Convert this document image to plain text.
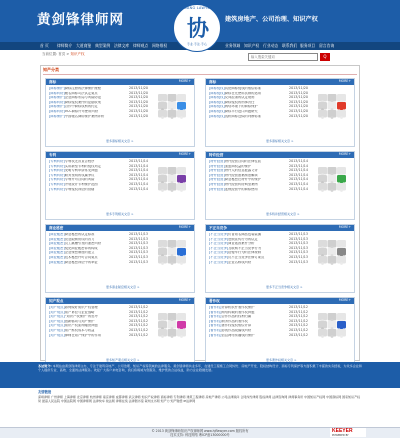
黄剑锋律师网	建筑房地产、公司治理、知识产权
HUANG LAWYER
协
专业·专注·专心
首 页 律师简介 大道商鉴 典型案例 法律文库 律师观点 网络维权	业务领域 知识产权 行业动态 联系我们 服务项目 留言咨询
当前位置: 首页 > 知识产权
输入搜索关键词	Q
知产分类
商标	MORE+
[商标保护]商标注册的法律保护流程	2013/11/20
[商标纠纷]驰名商标司法认定要点	2013/11/20
[商标保护]企业商标布局与风险防范	2013/11/20
[商标纠纷]商标侵权案件的证据收集	2013/11/20
[商标保护]合作中商标权利的约定	2013/11/20
[商标纠纷]VCC商标许可使用纠纷	2013/11/20
[商标保护]中国驰名商标保护案例评析	2013/11/20
更多商标相关文章 >
商标	MORE+
[商标侵权]试论商标侵权的赔偿标准	2013/11/20
[商标侵权]商标在先使用抗辩的适用	2013/11/20
[商标侵权]反向混淆的认定规则	2013/11/20
[商标侵权]商标侵权的刑事责任	2013/11/20
[商标侵权]网络环境下的商标保护	2013/11/20
[商标侵权]商标平行进口问题研究	2013/11/20
[商标侵权]浅析商标近似的判断标准	2013/11/20
更多商标相关文章 >
专利	MORE+
[专利纠纷]专利权无效宣告程序	2013/11/14
[专利纠纷]实用新型专利的侵权判定	2013/11/14
[专利纠纷]发明专利申请常见问题	2013/11/14
[专利纠纷]职务发明的权属争议	2013/11/14
[专利纠纷]专利许可合同的风险	2013/11/14
[专利纠纷]外观设计专利保护范围	2013/11/14
[专利纠纷]专利侵权诉讼的管辖	2013/11/14
更多专利相关文章 >
特许经营	MORE+
[特许经营]特许经营合同的法律性质	2013/11/14
[特许经营]加盟商权益的保护	2013/11/14
[特许经营]特许人的信息披露义务	2013/11/14
[特许经营]特许经营备案制度解读	2013/11/14
[特许经营]商业秘密在特许中的保护	2013/11/14
[特许经营]特许经营纠纷典型案例	2013/11/14
[特许经营]连锁经营中的商标使用	2013/11/14
更多特许经营相关文章 >
商业秘密	MORE+
[商业秘密]商业秘密的认定标准	2013/11/13
[商业秘密]竞业限制协议的效力	2013/11/13
[商业秘密]员工跳槽引发的泄密纠纷	2013/11/13
[商业秘密]侵犯商业秘密罪的构成	2013/11/13
[商业秘密]企业保密制度的建立	2013/11/13
[商业秘密]技术秘密许可合同要点	2013/11/13
[商业秘密]商业秘密诉讼中的举证	2013/11/13
更多商业秘密相关文章 >
不正当竞争	MORE+
[不正当竞争]仿冒知名商品包装装潢	2013/11/13
[不正当竞争]虚假宣传行为的认定	2013/11/13
[不正当竞争]商业诋毁案件分析	2013/11/13
[不正当竞争]互联网不正当竞争行为	2013/11/13
[不正当竞争]搭便车行为的法律规制	2013/11/13
[不正当竞争]反不正当竞争法修订要点	2013/11/13
[不正当竞争]企业名称权纠纷	2013/11/13
更多不正当竞争相关文章 >
知产观点	MORE+
[知产观点]如何做好知识产权管理	2013/11/12
[知产观点]知产诉讼与企业战略	2013/11/12
[知产观点]“知识产权保护”的思考	2013/11/12
[知产观点]创新驱动与知产保护	2013/11/12
[知产观点]知识产权质押融资问题	2013/11/12
[知产观点]知产维权成本与收益	2013/11/12
[知产观点]律师在知产保护中的作用	2013/11/12
更多知产观点相关文章 >
著作权	MORE+
[著作权]计算机软件著作权保护	2013/11/12
[著作权]网络转载的著作权问题	2013/11/12
[著作权]合作作品的权利归属	2013/11/12
[著作权]职务作品的著作权	2013/11/12
[著作权]著作权侵权赔偿计算	2013/11/12
[著作权]影视作品改编权纠纷	2013/11/12
[著作权]信息网络传播权的保护	2013/11/12
更多著作权相关文章 >
本站简介: 本网站由黄剑锋律师主办，专注于建筑房地产、公司治理、知识产权等领域的法律服务。黄剑锋律师执业多年，在建设工程施工合同纠纷、房地产开发、股权结构设计、商标专利保护等方面积累了丰富的实务经验，为众多企业和个人提供专业、高效、全面的法律服务。欢迎广大客户来电咨询，我们将竭诚为您服务，维护您的合法权益，助力企业稳健发展。
友情链接
深圳律师 广州律师 上海律师 北京律师 杭州律师 南京律师 成都律师 武汉律师 知识产权律师 商标律师 专利律师 建筑工程律师 房地产律师 公司法律顾问 合同纠纷律师 股权律师 法律咨询网 律师事务所 中国知识产权网 中国商标网 国家知识产权局 最高人民法院 中国法院网 中国律师网 法律快车 找法网 律师在线 法律图书馆 裁判文书网 知产力 知产财经 IP法律网
© 2013 黄剑锋律师知识产权律师网 www.hjflawyer.com 版权所有
技术支持: 科技网络 粤ICP备13000000号
KEEYER
POWERED BY
